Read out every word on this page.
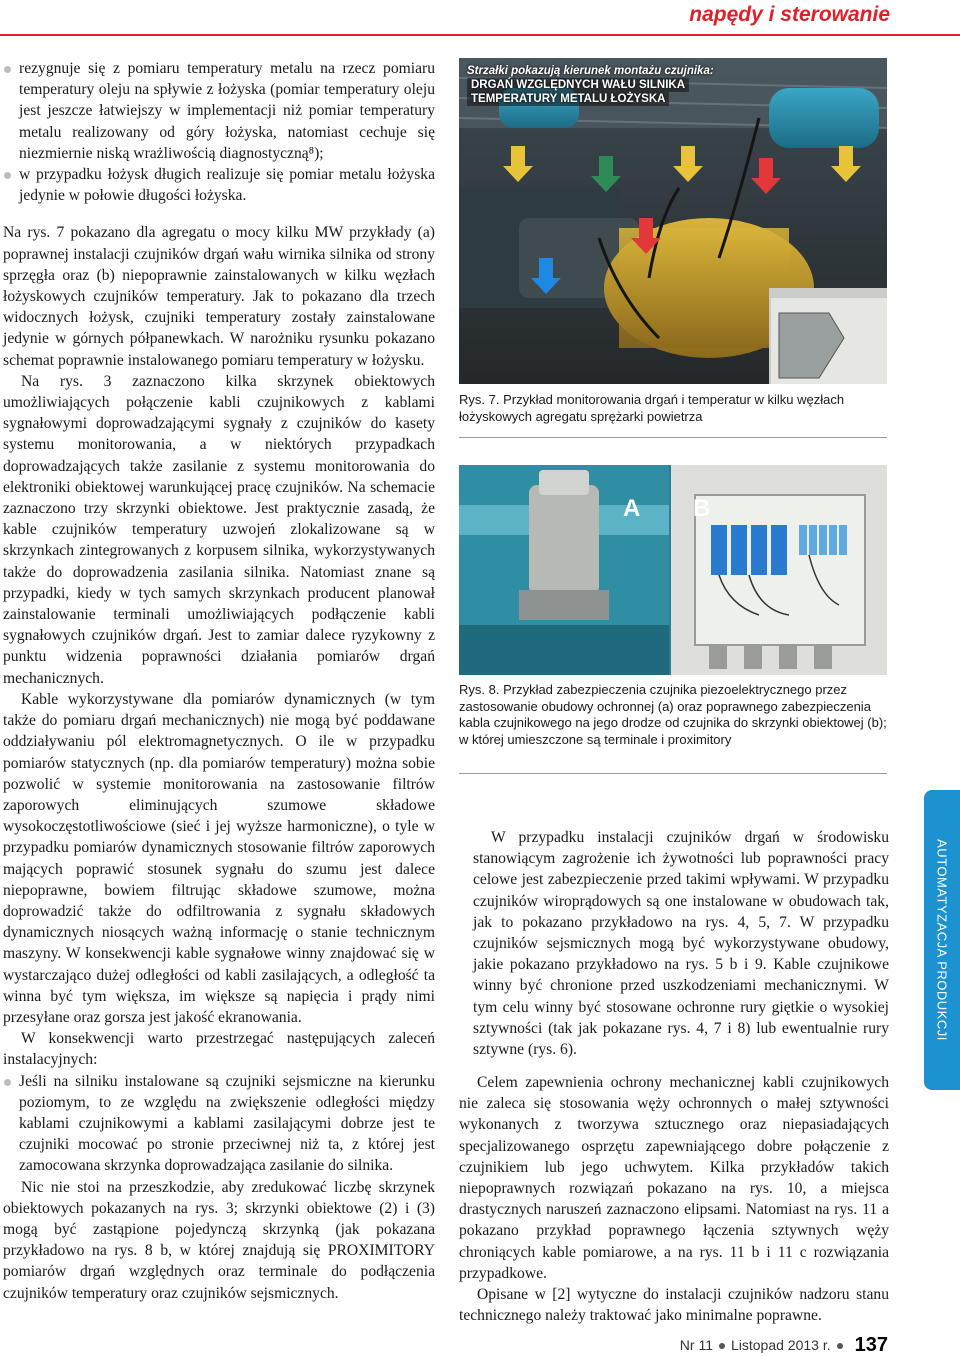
napędy i sterowanie
rezygnuje się z pomiaru temperatury metalu na rzecz pomiaru temperatury oleju na spływie z łożyska (pomiar temperatury oleju jest jeszcze łatwiejszy w implementacji niż pomiar temperatury metalu realizowany od góry łożyska, natomiast cechuje się niezmiernie niską wrażliwością diagnostyczną⁸);
w przypadku łożysk długich realizuje się pomiar metalu łożyska jedynie w połowie długości łożyska.

Na rys. 7 pokazano dla agregatu o mocy kilku MW przykłady (a) poprawnej instalacji czujników drgań wału wirnika silnika od strony sprzęgła oraz (b) niepoprawnie zainstalowanych w kilku węzłach łożyskowych czujników temperatury. Jak to pokazano dla trzech widocznych łożysk, czujniki temperatury zostały zainstalowane jedynie w górnych półpanewkach. W narożniku rysunku pokazano schemat poprawnie instalowanego pomiaru temperatury w łożysku.

Na rys. 3 zaznaczono kilka skrzynek obiektowych umożliwiających połączenie kabli czujnikowych z kablami sygnałowymi doprowadzającymi sygnały z czujników do kasety systemu monitorowania, a w niektórych przypadkach doprowadzających także zasilanie z systemu monitorowania do elektroniki obiektowej warunkującej pracę czujników. Na schemacie zaznaczono trzy skrzynki obiektowe. Jest praktycznie zasadą, że kable czujników temperatury uzwojeń zlokalizowane są w skrzynkach zintegrowanych z korpusem silnika, wykorzystywanych także do doprowadzenia zasilania silnika. Natomiast znane są przypadki, kiedy w tych samych skrzynkach producent planował zainstalowanie terminali umożliwiających podłączenie kabli sygnałowych czujników drgań. Jest to zamiar dalece ryzykowny z punktu widzenia poprawności działania pomiarów drgań mechanicznych.

Kable wykorzystywane dla pomiarów dynamicznych (w tym także do pomiaru drgań mechanicznych) nie mogą być poddawane oddziaływaniu pól elektromagnetycznych. O ile w przypadku pomiarów statycznych (np. dla pomiarów temperatury) można sobie pozwolić w systemie monitorowania na zastosowanie filtrów zaporowych eliminujących szumowe składowe wysokoczęstotliwościowe (sieć i jej wyższe harmoniczne), o tyle w przypadku pomiarów dynamicznych stosowanie filtrów zaporowych mających poprawić stosunek sygnału do szumu jest dalece niepoprawne, bowiem filtrując składowe szumowe, można doprowadzić także do odfiltrowania z sygnału składowych dynamicznych niosących ważną informację o stanie technicznym maszyny. W konsekwencji kable sygnałowe winny znajdować się w wystarczająco dużej odległości od kabli zasilających, a odległość ta winna być tym większa, im większe są napięcia i prądy nimi przesyłane oraz gorsza jest jakość ekranowania.

W konsekwencji warto przestrzegać następujących zaleceń instalacyjnych:

Jeśli na silniku instalowane są czujniki sejsmiczne na kierunku poziomym, to ze względu na zwiększenie odległości między kablami czujnikowymi a kablami zasilającymi dobrze jest te czujniki mocować po stronie przeciwnej niż ta, z której jest zamocowana skrzynka doprowadzająca zasilanie do silnika.

Nic nie stoi na przeszkodzie, aby zredukować liczbę skrzynek obiektowych pokazanych na rys. 3; skrzynki obiektowe (2) i (3) mogą być zastąpione pojedynczą skrzynką (jak pokazana przykładowo na rys. 8 b, w której znajdują się PROXIMITORY pomiarów drgań względnych oraz terminale do podłączenia czujników temperatury oraz czujników sejsmicznych.

Strzałki pokazują kierunek montażu czujnika:
DRGAŃ WZGLĘDNYCH WAŁU SILNIKA
TEMPERATURY METALU ŁOŻYSKA
Rys. 7. Przykład monitorowania drgań i temperatur w kilku węzłach łożyskowych agregatu sprężarki powietrza
A B
Rys. 8. Przykład zabezpieczenia czujnika piezoelektrycznego przez zastosowanie obudowy ochronnej (a) oraz poprawnego zabezpieczenia kabla czujnikowego na jego drodze od czujnika do skrzynki obiektowej (b); w której umieszczone są terminale i proximitory

W przypadku instalacji czujników drgań w środowisku stanowiącym zagrożenie ich żywotności lub poprawności pracy celowe jest zabezpieczenie przed takimi wpływami. W przypadku czujników wiroprądowych są one instalowane w obudowach tak, jak to pokazano przykładowo na rys. 4, 5, 7. W przypadku czujników sejsmicznych mogą być wykorzystywane obudowy, jakie pokazano przykładowo na rys. 5 b i 9. Kable czujnikowe winny być chronione przed uszkodzeniami mechanicznymi. W tym celu winny być stosowane ochronne rury giętkie o wysokiej sztywności (tak jak pokazane rys. 4, 7 i 8) lub ewentualnie rury sztywne (rys. 6).

Celem zapewnienia ochrony mechanicznej kabli czujnikowych nie zaleca się stosowania węży ochronnych o małej sztywności wykonanych z tworzywa sztucznego oraz niepasiadających specjalizowanego osprzętu zapewniającego dobre połączenie z czujnikiem lub jego uchwytem. Kilka przykładów takich niepoprawnych rozwiązań pokazano na rys. 10, a miejsca drastycznych naruszeń zaznaczono elipsami. Natomiast na rys. 11 a pokazano przykład poprawnego łączenia sztywnych węży chroniących kable pomiarowe, a na rys. 11 b i 11 c rozwiązania przypadkowe.

Opisane w [2] wytyczne do instalacji czujników nadzoru stanu technicznego należy traktować jako minimalne poprawne.

AUTOMATYZACJA PRODUKCJI
Nr 11 Listopad 2013 r. 137
